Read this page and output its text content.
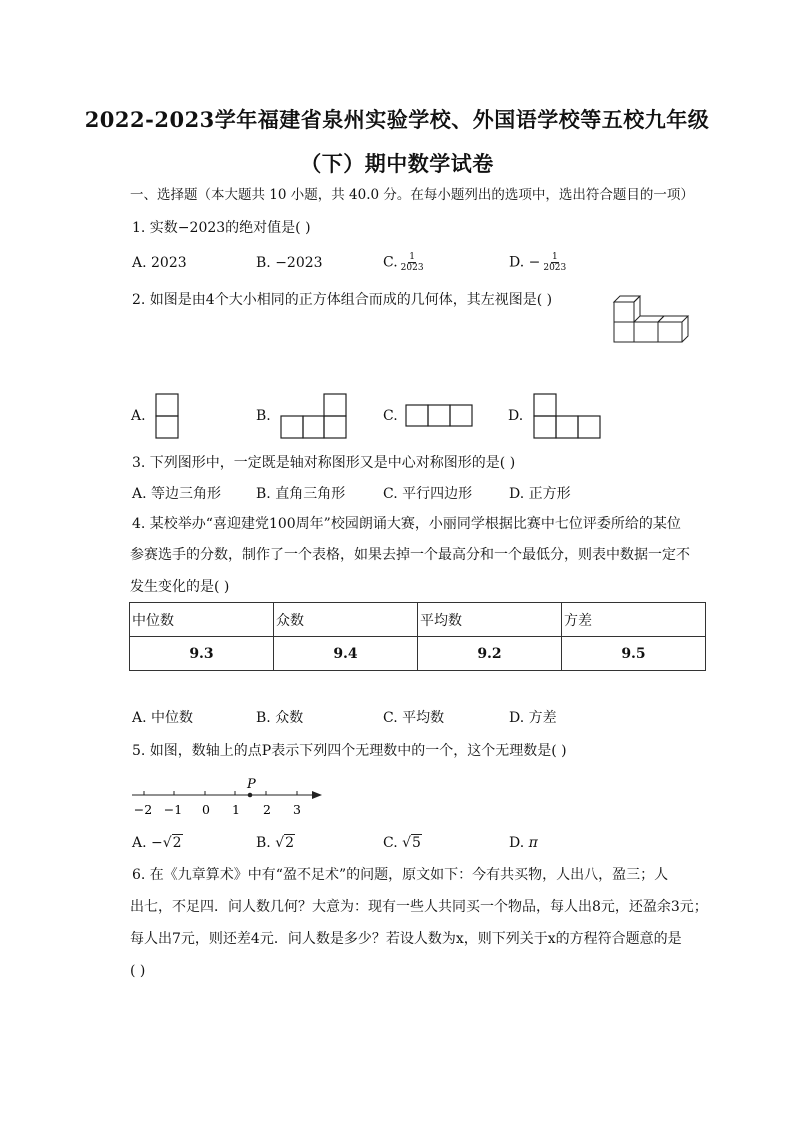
2022-2023学年福建省泉州实验学校、外国语学校等五校九年级
（下）期中数学试卷
一、选择题（本大题共 10 小题，共 40.0 分。在每小题列出的选项中，选出符合题目的一项）
1. 实数−2023的绝对值是( )
A. 2023	B. −2023	C. $\frac{1}{2023}$	D. − $\frac{1}{2023}$
2. 如图是由4个大小相同的正方体组合而成的几何体，其左视图是( )
A.	B.	C.	D.
3. 下列图形中，一定既是轴对称图形又是中心对称图形的是( )
A. 等边三角形 B. 直角三角形	C. 平行四边形	D. 正方形
4. 某校举办“喜迎建党100周年”校园朗诵大赛，小丽同学根据比赛中七位评委所给的某位
参赛选手的分数，制作了一个表格，如果去掉一个最高分和一个最低分，则表中数据一定不
发生变化的是( )
中位数	众数	平均数	方差
9.3	9.4	9.2	9.5
A. 中位数	B. 众数	C. 平均数	D. 方差
5. 如图，数轴上的点P表示下列四个无理数中的一个，这个无理数是( )
P
−2 −1 0 1 2 3
A. −√2	B. √2	C. √5	D. π
6. 在《九章算术》中有“盈不足术”的问题，原文如下：今有共买物，人出八，盈三；人
出七，不足四．问人数几何？大意为：现有一些人共同买一个物品，每人出8元，还盈余3元；
每人出7元，则还差4元．问人数是多少？若设人数为x，则下列关于x的方程符合题意的是
( )
